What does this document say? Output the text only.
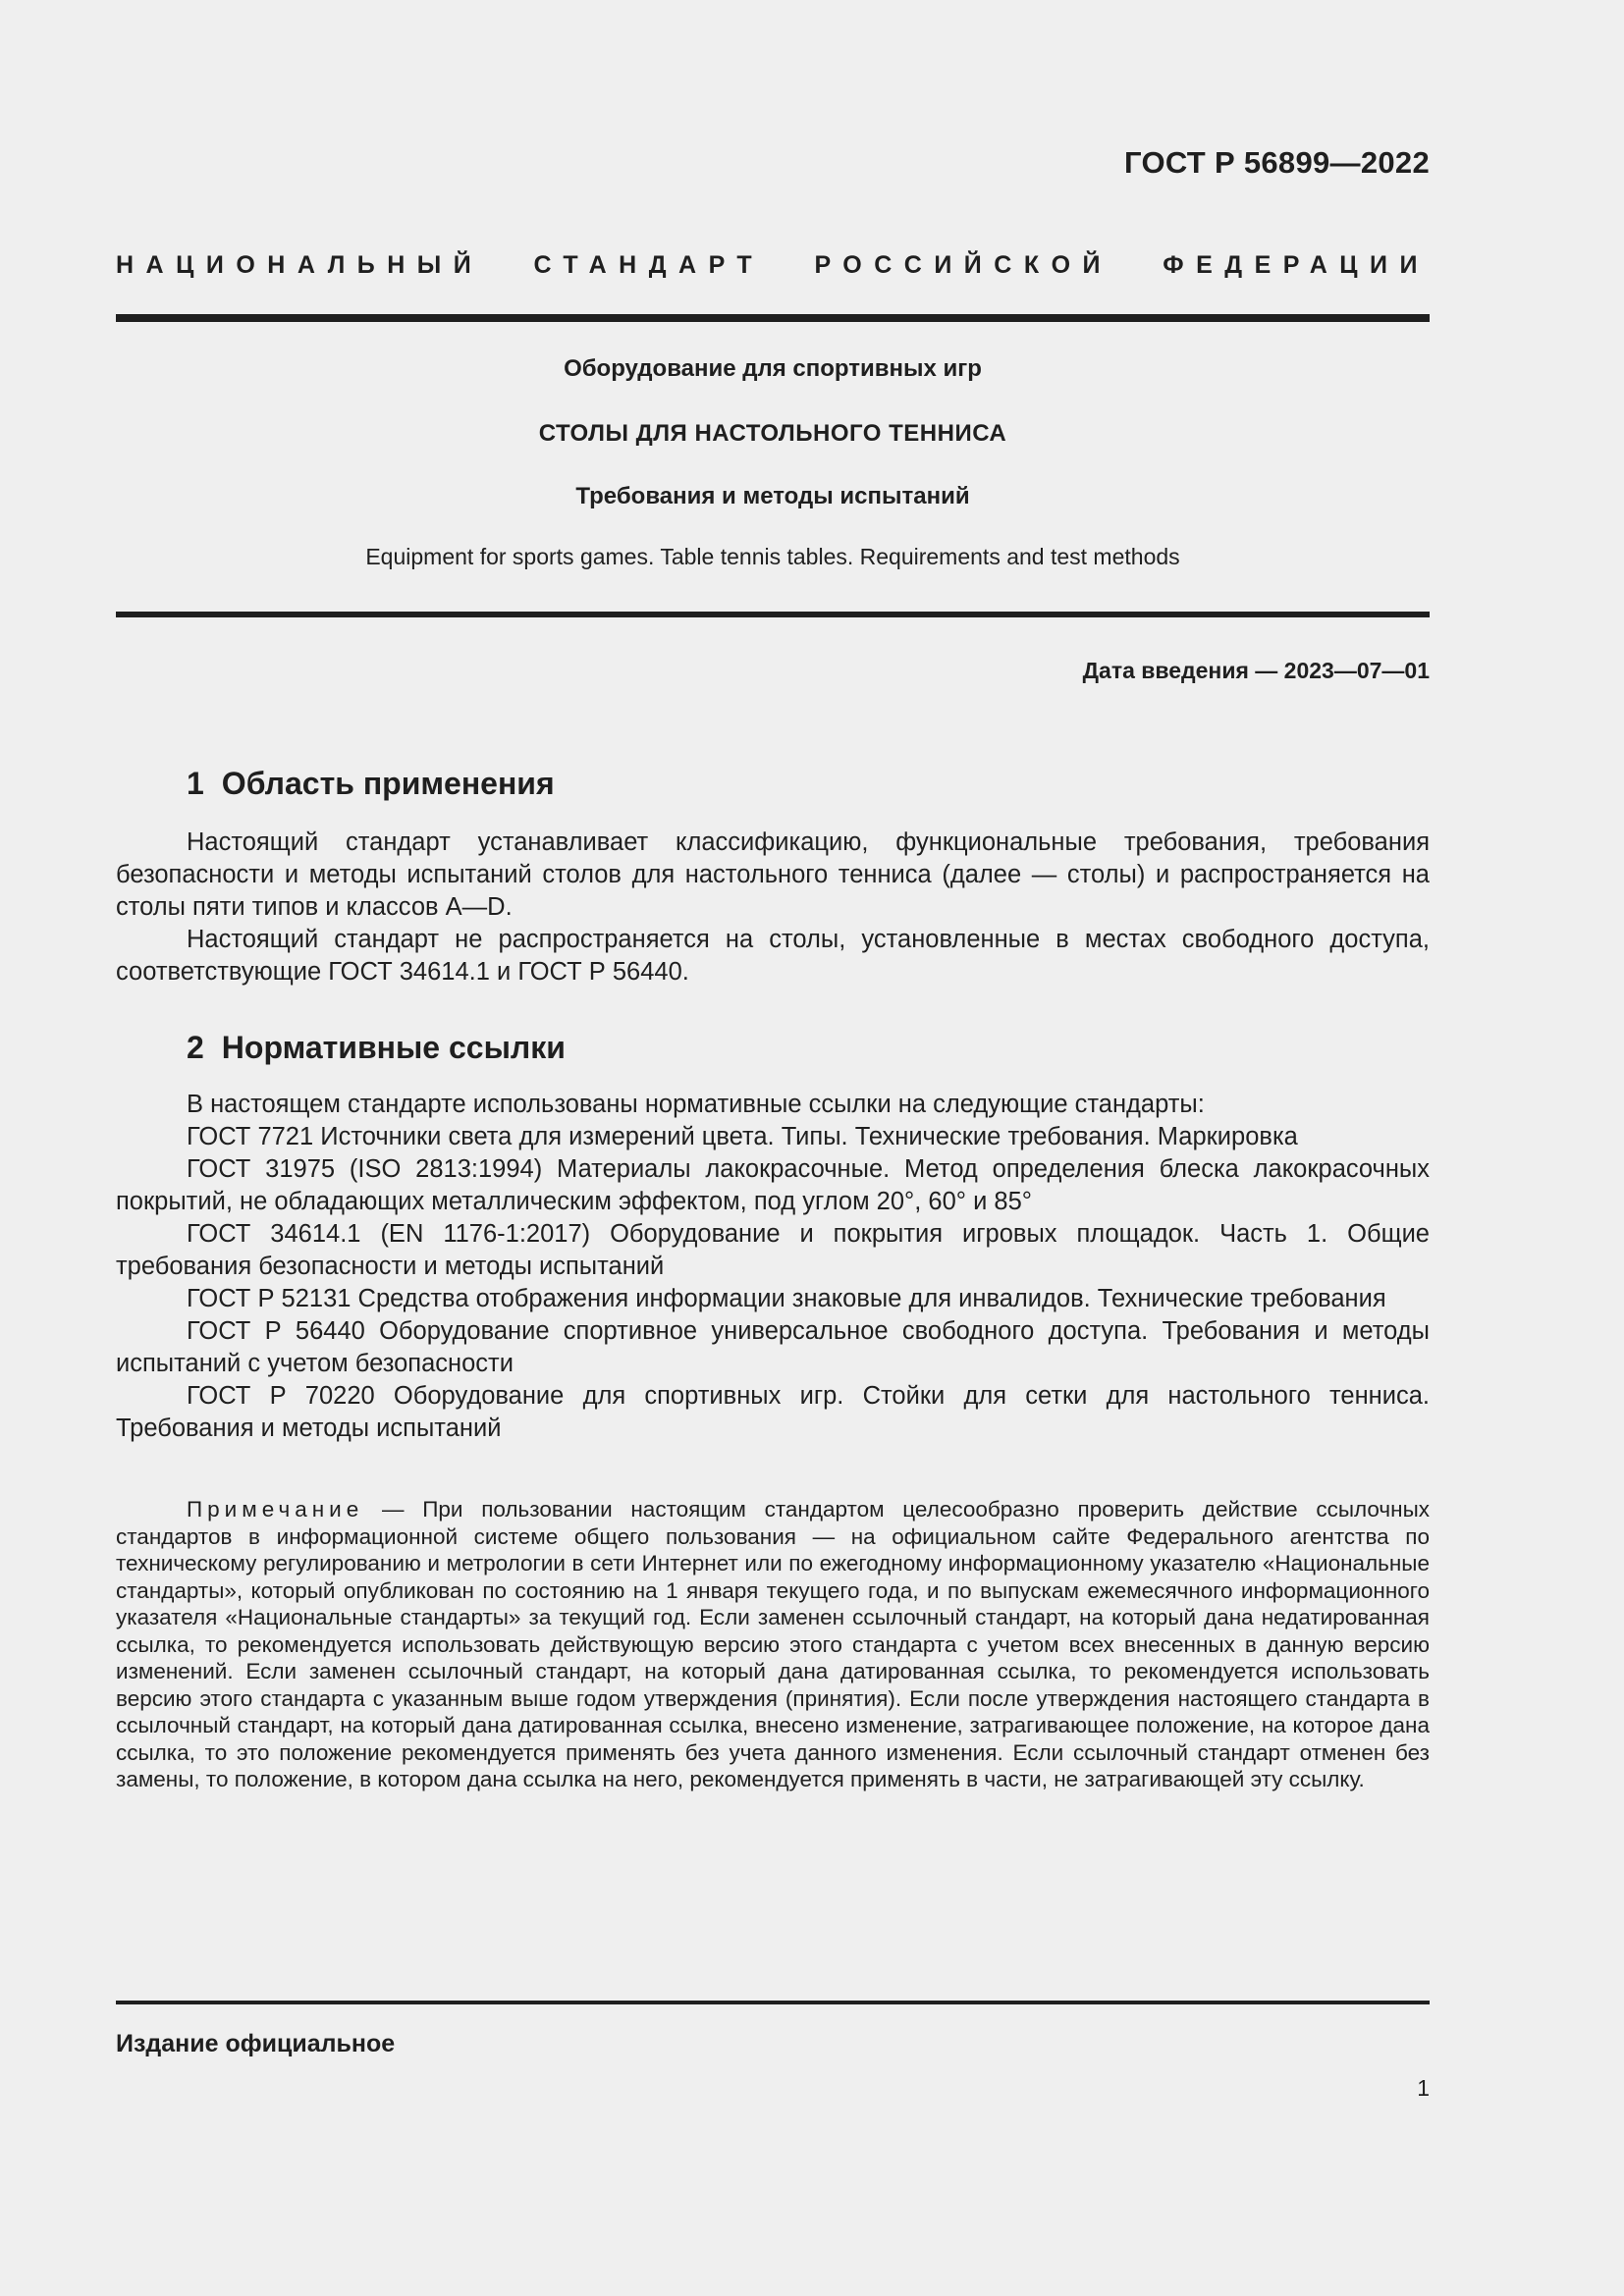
ГОСТ Р 56899—2022
НАЦИОНАЛЬНЫЙ СТАНДАРТ РОССИЙСКОЙ ФЕДЕРАЦИИ
Оборудование для спортивных игр
СТОЛЫ ДЛЯ НАСТОЛЬНОГО ТЕННИСА
Требования и методы испытаний
Equipment for sports games. Table tennis tables. Requirements and test methods
Дата введения — 2023—07—01
1 Область применения

Настоящий стандарт устанавливает классификацию, функциональные требования, требования безопасности и методы испытаний столов для настольного тенниса (далее — столы) и распространяется на столы пяти типов и классов A—D.

Настоящий стандарт не распространяется на столы, установленные в местах свободного доступа, соответствующие ГОСТ 34614.1 и ГОСТ Р 56440.

2 Нормативные ссылки

В настоящем стандарте использованы нормативные ссылки на следующие стандарты:

ГОСТ 7721 Источники света для измерений цвета. Типы. Технические требования. Маркировка

ГОСТ 31975 (ISO 2813:1994) Материалы лакокрасочные. Метод определения блеска лакокрасочных покрытий, не обладающих металлическим эффектом, под углом 20°, 60° и 85°

ГОСТ 34614.1 (EN 1176-1:2017) Оборудование и покрытия игровых площадок. Часть 1. Общие требования безопасности и методы испытаний

ГОСТ Р 52131 Средства отображения информации знаковые для инвалидов. Технические требования

ГОСТ Р 56440 Оборудование спортивное универсальное свободного доступа. Требования и методы испытаний с учетом безопасности

ГОСТ Р 70220 Оборудование для спортивных игр. Стойки для сетки для настольного тенниса. Требования и методы испытаний

Примечание — При пользовании настоящим стандартом целесообразно проверить действие ссылочных стандартов в информационной системе общего пользования — на официальном сайте Федерального агентства по техническому регулированию и метрологии в сети Интернет или по ежегодному информационному указателю «Национальные стандарты», который опубликован по состоянию на 1 января текущего года, и по выпускам ежемесячного информационного указателя «Национальные стандарты» за текущий год. Если заменен ссылочный стандарт, на который дана недатированная ссылка, то рекомендуется использовать действующую версию этого стандарта с учетом всех внесенных в данную версию изменений. Если заменен ссылочный стандарт, на который дана датированная ссылка, то рекомендуется использовать версию этого стандарта с указанным выше годом утверждения (принятия). Если после утверждения настоящего стандарта в ссылочный стандарт, на который дана датированная ссылка, внесено изменение, затрагивающее положение, на которое дана ссылка, то это положение рекомендуется применять без учета данного изменения. Если ссылочный стандарт отменен без замены, то положение, в котором дана ссылка на него, рекомендуется применять в части, не затрагивающей эту ссылку.
Издание официальное
1
